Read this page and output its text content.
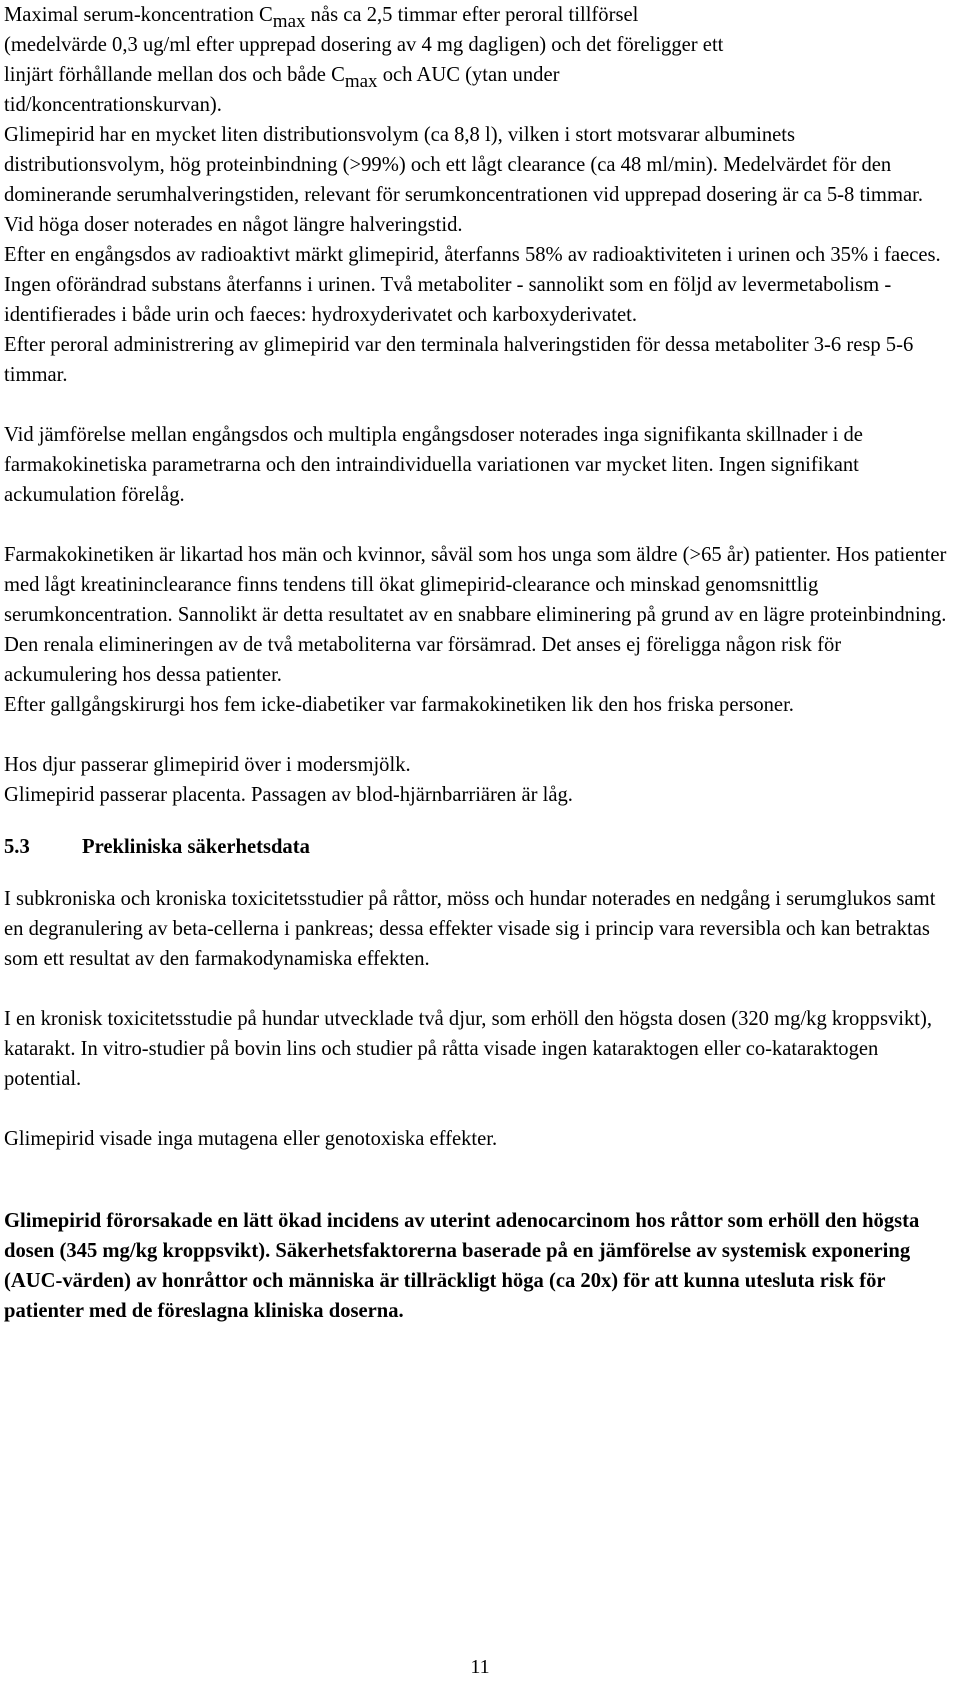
Maximal serum-koncentration Cmax nås ca 2,5 timmar efter peroral tillförsel

(medelvärde 0,3 ug/ml efter upprepad dosering av 4 mg dagligen) och det föreligger ett

linjärt förhållande mellan dos och både Cmax och AUC (ytan under

tid/koncentrationskurvan).

Glimepirid har en mycket liten distributionsvolym (ca 8,8 l), vilken i stort motsvarar albuminets distributionsvolym, hög proteinbindning (>99%) och ett lågt clearance (ca 48 ml/min). Medelvärdet för den dominerande serumhalveringstiden, relevant för serumkoncentrationen vid upprepad dosering är ca 5-8 timmar. Vid höga doser noterades en något längre halveringstid.

Efter en engångsdos av radioaktivt märkt glimepirid, återfanns 58% av radioaktiviteten i urinen och 35% i faeces. Ingen oförändrad substans återfanns i urinen. Två metaboliter - sannolikt som en följd av levermetabolism - identifierades i både urin och faeces: hydroxyderivatet och karboxyderivatet.

Efter peroral administrering av glimepirid var den terminala halveringstiden för dessa metaboliter 3-6 resp 5-6 timmar.

Vid jämförelse mellan engångsdos och multipla engångsdoser noterades inga signifikanta skillnader i de farmakokinetiska parametrarna och den intraindividuella variationen var mycket liten. Ingen signifikant ackumulation förelåg.

Farmakokinetiken är likartad hos män och kvinnor, såväl som hos unga som äldre (>65 år) patienter. Hos patienter med lågt kreatininclearance finns tendens till ökat glimepirid-clearance och minskad genomsnittlig serumkoncentration. Sannolikt är detta resultatet av en snabbare eliminering på grund av en lägre proteinbindning. Den renala elimineringen av de två metaboliterna var försämrad. Det anses ej föreligga någon risk för ackumulering hos dessa patienter.

Efter gallgångskirurgi hos fem icke-diabetiker var farmakokinetiken lik den hos friska personer.

Hos djur passerar glimepirid över i modersmjölk.

Glimepirid passerar placenta. Passagen av blod-hjärnbarriären är låg.

5.3	Prekliniska säkerhetsdata

I subkroniska och kroniska toxicitetsstudier på råttor, möss och hundar noterades en nedgång i serumglukos samt en degranulering av beta-cellerna i pankreas; dessa effekter visade sig i princip vara reversibla och kan betraktas som ett resultat av den farmakodynamiska effekten.

I en kronisk toxicitetsstudie på hundar utvecklade två djur, som erhöll den högsta dosen (320 mg/kg kroppsvikt), katarakt. In vitro-studier på bovin lins och studier på råtta visade ingen kataraktogen eller co-kataraktogen potential.

Glimepirid visade inga mutagena eller genotoxiska effekter.

Glimepirid förorsakade en lätt ökad incidens av uterint adenocarcinom hos råttor som erhöll den högsta dosen (345 mg/kg kroppsvikt). Säkerhetsfaktorerna baserade på en jämförelse av systemisk exponering (AUC-värden) av honråttor och människa är tillräckligt höga (ca 20x) för att kunna utesluta risk för patienter med de föreslagna kliniska doserna.

11
